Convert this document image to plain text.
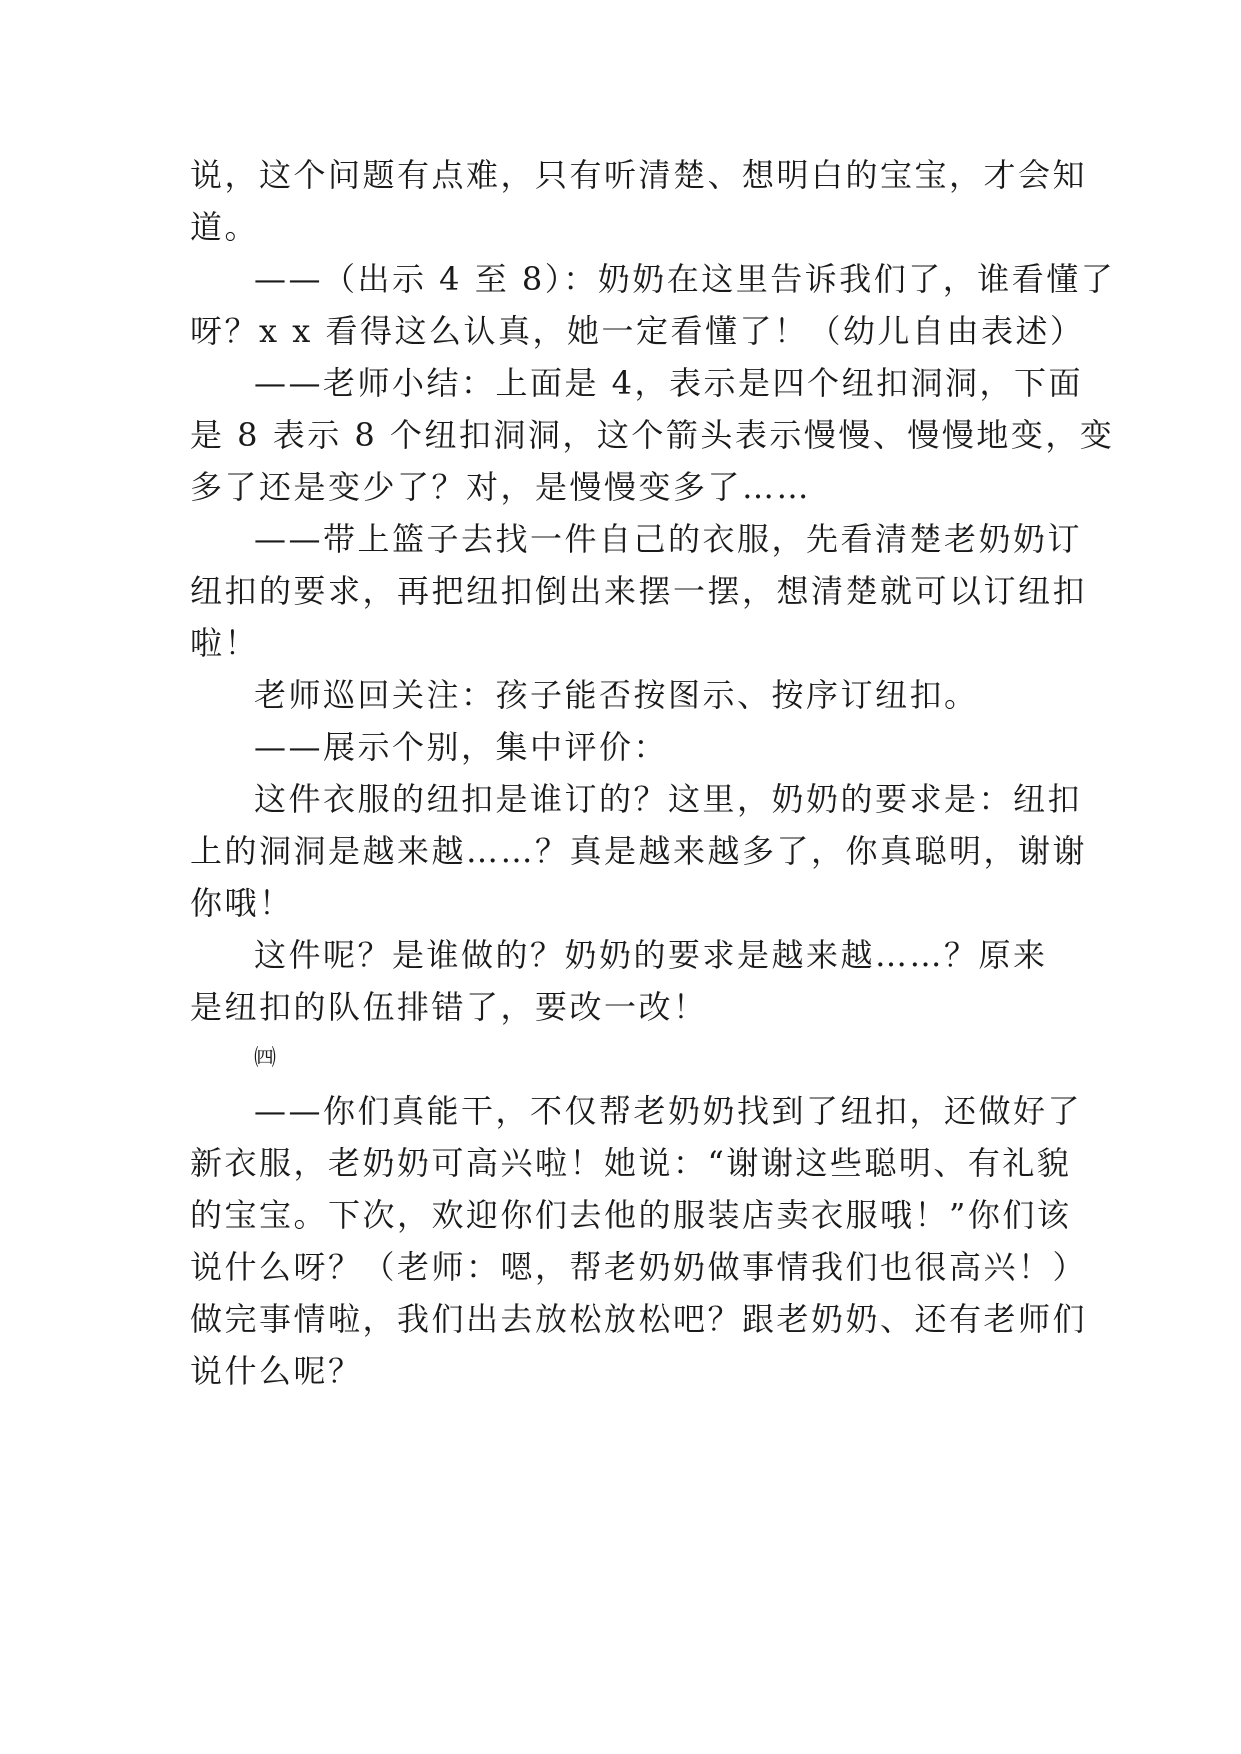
说，这个问题有点难，只有听清楚、想明白的宝宝，才会知
道。
——（出示 4 至 8）：奶奶在这里告诉我们了，谁看懂了
呀？x x 看得这么认真，她一定看懂了！（幼儿自由表述）
——老师小结：上面是 4，表示是四个纽扣洞洞，下面
是 8 表示 8 个纽扣洞洞，这个箭头表示慢慢、慢慢地变，变
多了还是变少了？对，是慢慢变多了……
——带上篮子去找一件自己的衣服，先看清楚老奶奶订
纽扣的要求，再把纽扣倒出来摆一摆，想清楚就可以订纽扣
啦！
老师巡回关注：孩子能否按图示、按序订纽扣。
——展示个别，集中评价：
这件衣服的纽扣是谁订的？这里，奶奶的要求是：纽扣
上的洞洞是越来越……？真是越来越多了，你真聪明，谢谢
你哦！
这件呢？是谁做的？奶奶的要求是越来越……？原来
是纽扣的队伍排错了，要改一改！
㈣
——你们真能干，不仅帮老奶奶找到了纽扣，还做好了
新衣服，老奶奶可高兴啦！她说：“谢谢这些聪明、有礼貌
的宝宝。下次，欢迎你们去他的服装店卖衣服哦！”你们该
说什么呀？（老师：嗯，帮老奶奶做事情我们也很高兴！）
做完事情啦，我们出去放松放松吧？跟老奶奶、还有老师们
说什么呢？
